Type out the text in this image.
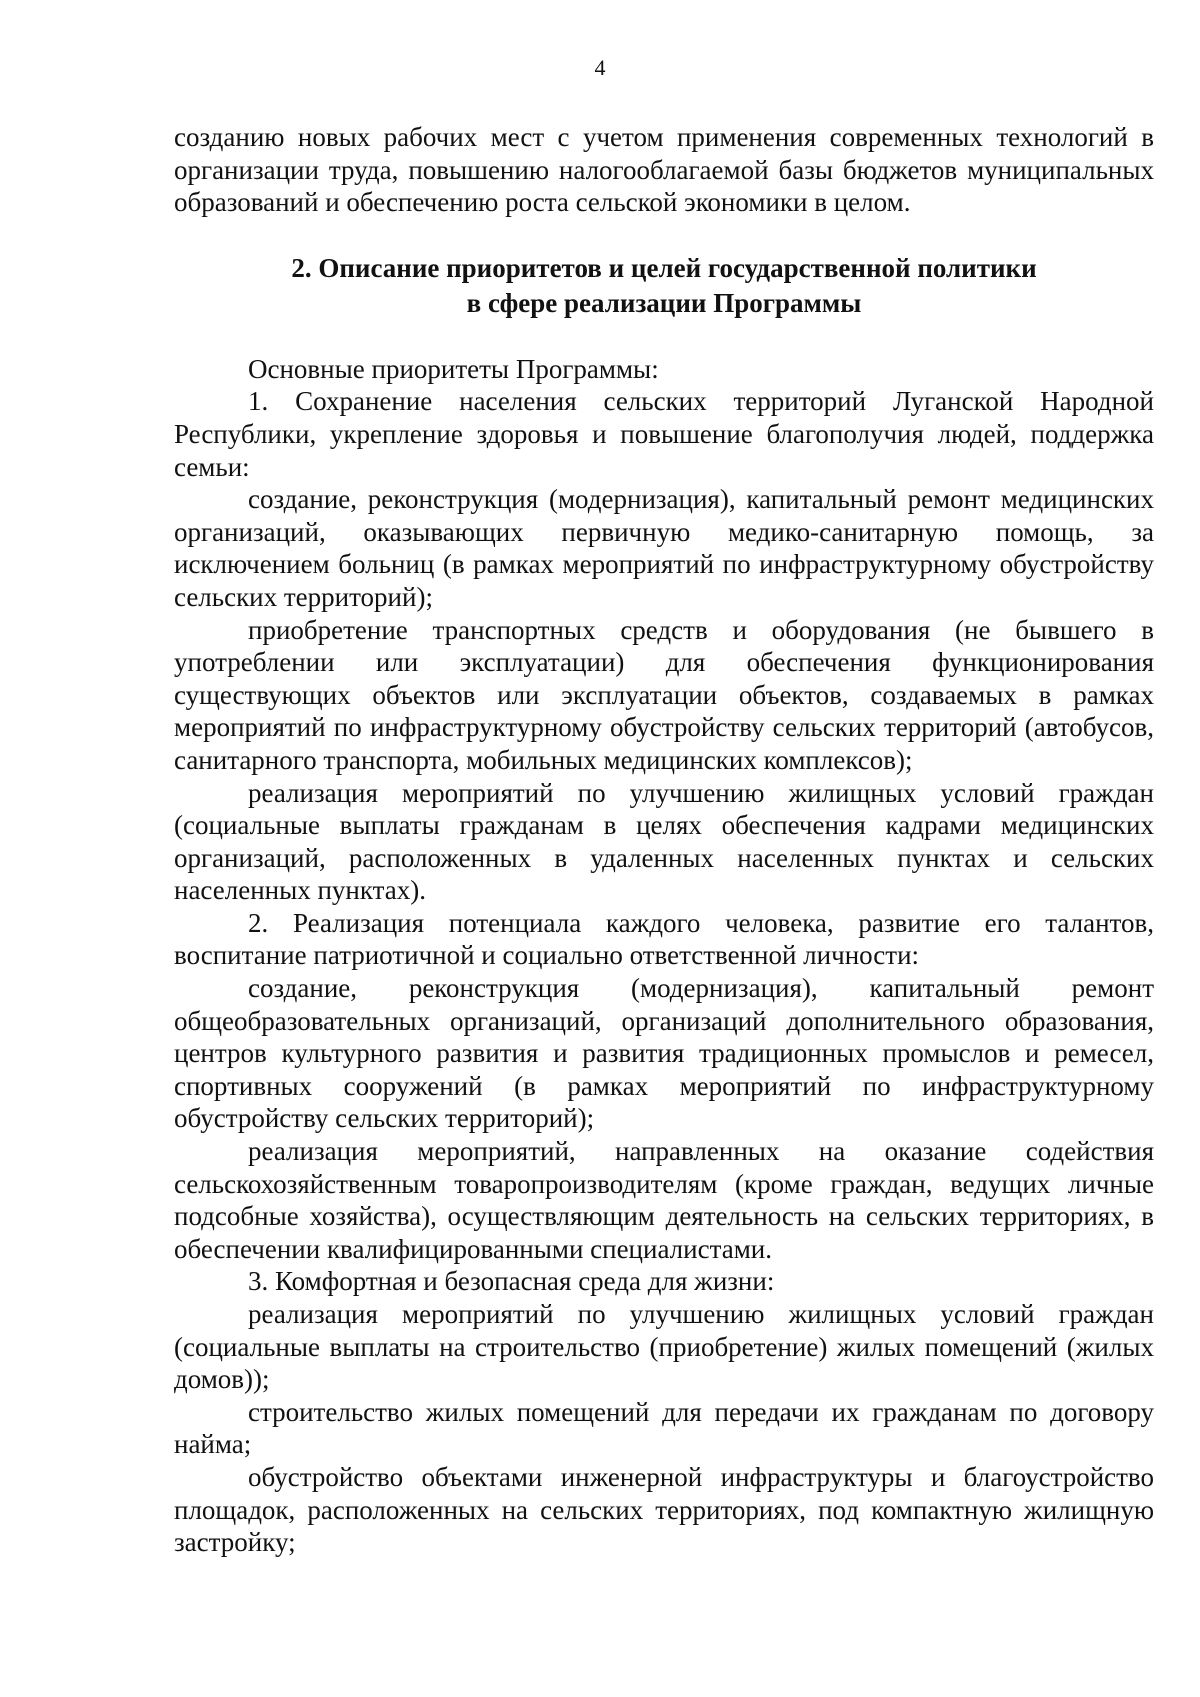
4

созданию новых рабочих мест с учетом применения современных технологий в организации труда, повышению налогооблагаемой базы бюджетов муниципальных образований и обеспечению роста сельской экономики в целом.

2. Описание приоритетов и целей государственной политики
в сфере реализации Программы

Основные приоритеты Программы:

1. Сохранение населения сельских территорий Луганской Народной Республики, укрепление здоровья и повышение благополучия людей, поддержка семьи:

создание, реконструкция (модернизация), капитальный ремонт медицинских организаций, оказывающих первичную медико-санитарную помощь, за исключением больниц (в рамках мероприятий по инфраструктурному обустройству сельских территорий);

приобретение транспортных средств и оборудования (не бывшего в употреблении или эксплуатации) для обеспечения функционирования существующих объектов или эксплуатации объектов, создаваемых в рамках мероприятий по инфраструктурному обустройству сельских территорий (автобусов, санитарного транспорта, мобильных медицинских комплексов);

реализация мероприятий по улучшению жилищных условий граждан (социальные выплаты гражданам в целях обеспечения кадрами медицинских организаций, расположенных в удаленных населенных пунктах и сельских населенных пунктах).

2. Реализация потенциала каждого человека, развитие его талантов, воспитание патриотичной и социально ответственной личности:

создание, реконструкция (модернизация), капитальный ремонт общеобразовательных организаций, организаций дополнительного образования, центров культурного развития и развития традиционных промыслов и ремесел, спортивных сооружений (в рамках мероприятий по инфраструктурному обустройству сельских территорий);

реализация мероприятий, направленных на оказание содействия сельскохозяйственным товаропроизводителям (кроме граждан, ведущих личные подсобные хозяйства), осуществляющим деятельность на сельских территориях, в обеспечении квалифицированными специалистами.

3. Комфортная и безопасная среда для жизни:

реализация мероприятий по улучшению жилищных условий граждан (социальные выплаты на строительство (приобретение) жилых помещений (жилых домов));

строительство жилых помещений для передачи их гражданам по договору найма;

обустройство объектами инженерной инфраструктуры и благоустройство площадок, расположенных на сельских территориях, под компактную жилищную застройку;
